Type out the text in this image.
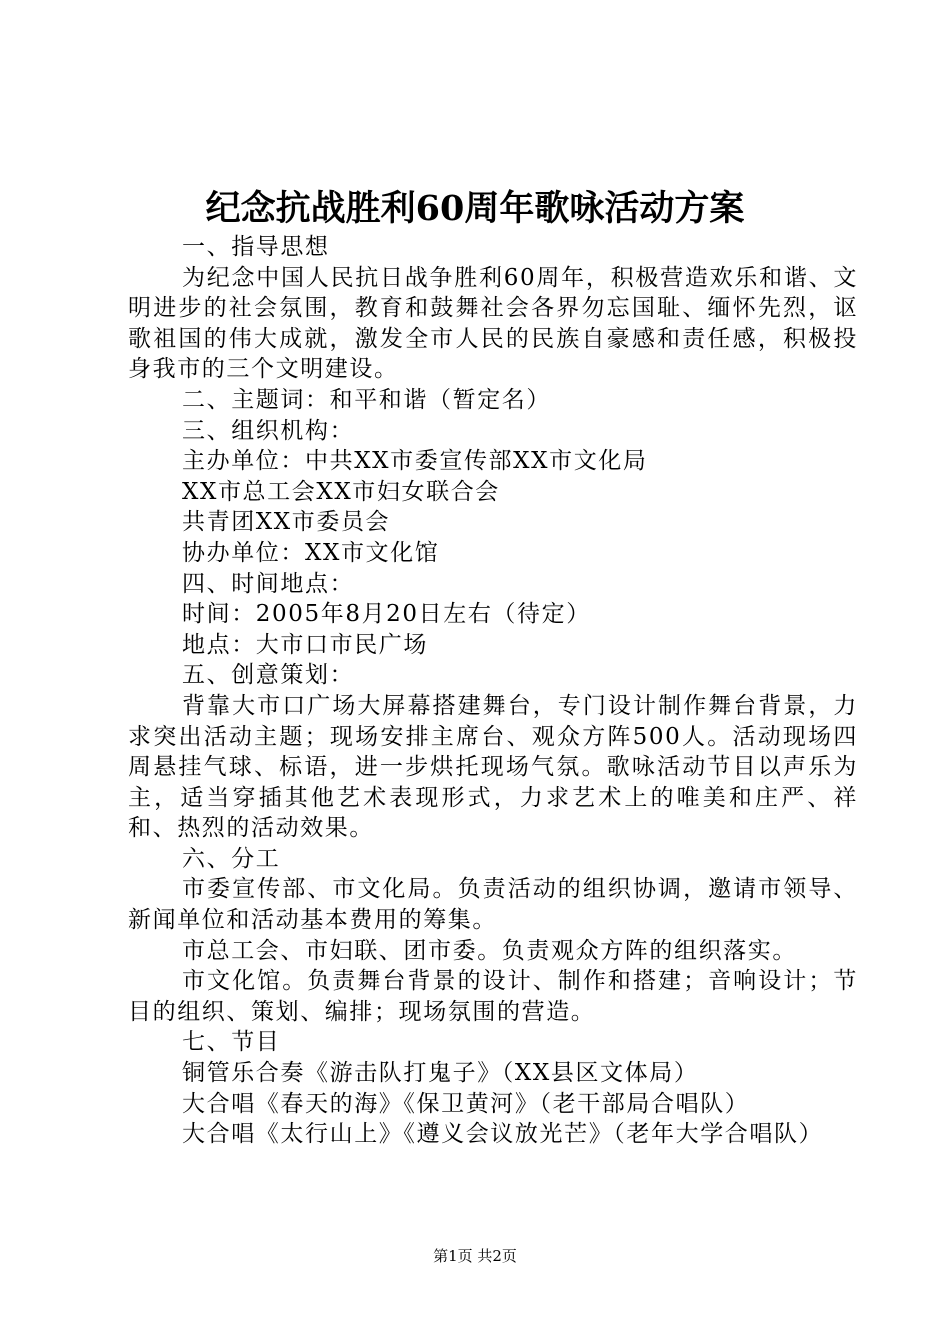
纪念抗战胜利60周年歌咏活动方案

一、指导思想

为纪念中国人民抗日战争胜利60周年，积极营造欢乐和谐、文明进步的社会氛围，教育和鼓舞社会各界勿忘国耻、缅怀先烈，讴歌祖国的伟大成就，激发全市人民的民族自豪感和责任感，积极投身我市的三个文明建设。

二、主题词：和平和谐（暂定名）

三、组织机构：

主办单位：中共XX市委宣传部XX市文化局

XX市总工会XX市妇女联合会

共青团XX市委员会

协办单位：XX市文化馆

四、时间地点：

时间：2005年8月20日左右（待定）

地点：大市口市民广场

五、创意策划：

背靠大市口广场大屏幕搭建舞台，专门设计制作舞台背景，力求突出活动主题；现场安排主席台、观众方阵500人。活动现场四周悬挂气球、标语，进一步烘托现场气氛。歌咏活动节目以声乐为主，适当穿插其他艺术表现形式，力求艺术上的唯美和庄严、祥和、热烈的活动效果。

六、分工

市委宣传部、市文化局。负责活动的组织协调，邀请市领导、新闻单位和活动基本费用的筹集。

市总工会、市妇联、团市委。负责观众方阵的组织落实。

市文化馆。负责舞台背景的设计、制作和搭建；音响设计；节目的组织、策划、编排；现场氛围的营造。

七、节目

铜管乐合奏《游击队打鬼子》（XX县区文体局）

大合唱《春天的海》《保卫黄河》（老干部局合唱队）

大合唱《太行山上》《遵义会议放光芒》（老年大学合唱队）

第1页 共2页
